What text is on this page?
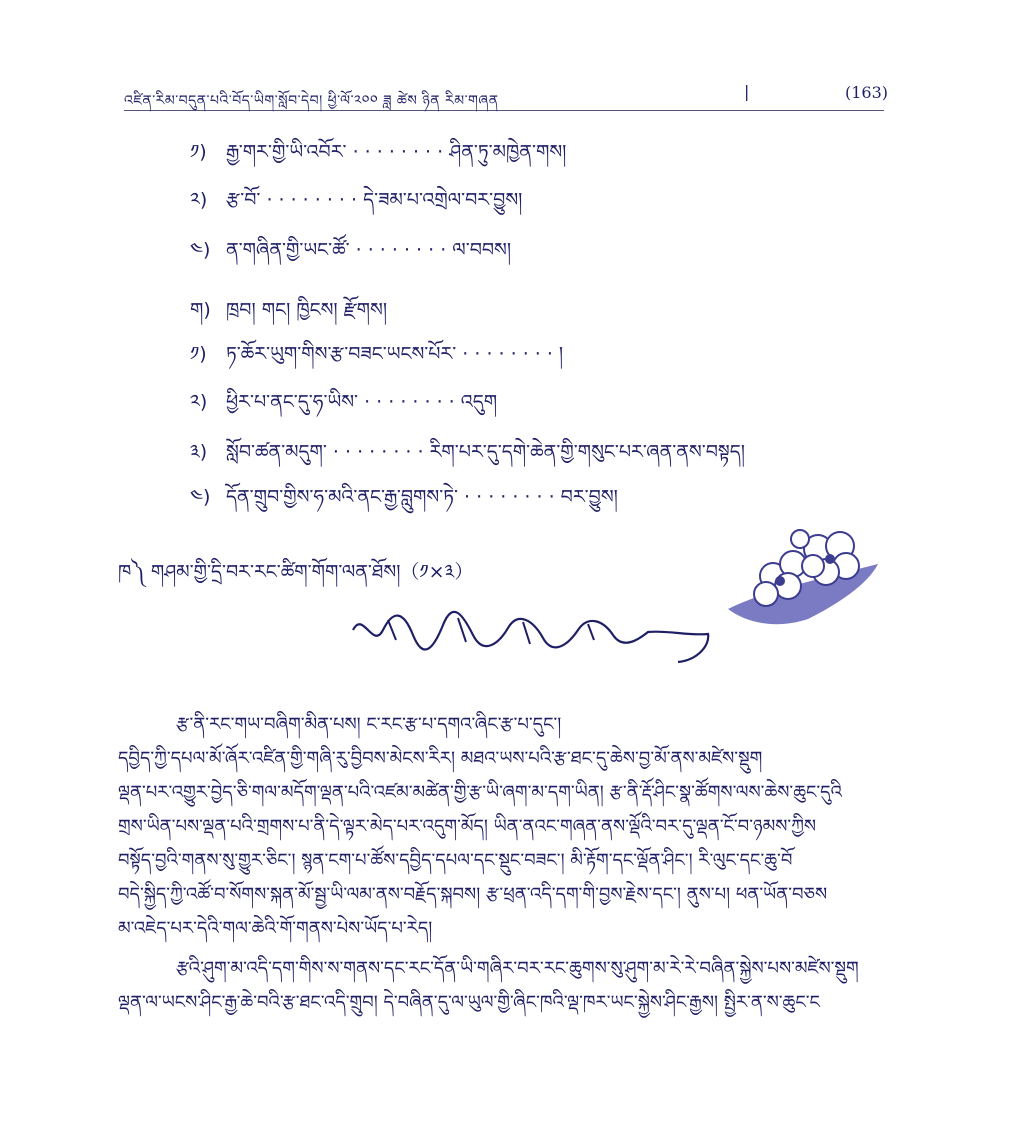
འཛིན་རིམ་བདུན་པའི་བོད་ཡིག་སློབ་དེབ། ཕྱི་ལོ་༢༠༠ ཟླ ཚེས ཉིན རིམ་གཞན	|	(163)
༡) རྒྱ་གར་གྱི་ཡི་འབོར་ · · · · · · · · ཤིན་ཏུ་མཁྱེན་གས།
༢) རྩ་བོ་ · · · · · · · · དེ་ཟམ་པ་འགྲེལ་བར་བྱུས།
༤) ན་གཞིན་གྱི་ཡང་ཚོ་ · · · · · · · · ལ་བབས།
ག) ཁྲབ། གང། ཁྱིངས། རྫོགས།
༡) ཏ་ཆོར་ཡུག་གིས་རྩ་བཟང་ཡངས་པོར་ · · · · · · · · །
༢) ཕྱིར་པ་ནང་དུ་ཧ་ཡིས་ · · · · · · · · འདུག
༣) སློབ་ཚན་མདུག་ · · · · · · · · རིག་པར་དུ་དགེ་ཆེན་གྱི་གསུང་པར་ཞན་ནས་བསྟད།
༤) དོན་གྲུབ་གྱིས་ཧ་མའི་ནང་རྒྱ་བླུགས་ཏེ་ · · · · · · · · བར་བྱུས།
ཁ༽ གཤམ་གྱི་དྲི་བར་རང་ཚིག་གོག་ལན་ཐོས།（༡×༣）
རྩ་ནི་རང་གཡ་བཞིག་མིན་པས། ང་རང་རྩ་པ་དགའ་ཞིང་རྩ་པ་དུང་།
དབྱིད་ཀྱི་དཔལ་མོ་ཞོར་འཛིན་གྱི་གཞི་རུ་བྱིབས་མེངས་རིར། མཐའ་ཡས་པའི་རྩ་ཐང་དུ་ཆེས་བྱ་མོ་ནས་མཛེས་སྡུག
ལྡན་པར་འགྱུར་བྱེད་ཅི་གལ་མདོག་ལྡན་པའི་འཛམ་མཚེན་གྱི་རྩ་ཡི་ཞག་མ་དག་ཡིན། རྩ་ནི་རྡོ་ཤིང་སྣ་ཚོགས་ལས་ཆེས་ཆུང་དུའི
གྲས་ཡིན་པས་ལྡན་པའི་གྲགས་པ་ནི་དེ་ལྟར་མེད་པར་འདུག་མོད། ཡིན་ནའང་གཞན་ནས་ལྡོའི་བར་དུ་ལྡན་ངོ་བ་ཉམས་ཀྱིས
བསྟོད་བྱའི་གནས་སུ་གྱུར་ཅིང་། སྙན་ངག་པ་ཚོས་དབྱིད་དཔལ་དང་སྡུང་བཟང་། མི་རྟོག་དང་ལྡོན་ཤིང་། རི་ལུང་དང་ཆུ་བོ
བདེ་སྐྱིད་ཀྱི་འཚོ་བ་སོགས་སྐན་མོ་སྦྱ་ཡི་ལམ་ནས་བརྗོད་སྐབས། རྩ་ཕྲན་འདི་དག་གི་བྱས་རྗེས་དང་། ནུས་པ། ཕན་ཡོན་བཅས
མ་འཇེད་པར་དེའི་གལ་ཆེའི་གོ་གནས་པེས་ཡོད་པ་རེད།
རྩའི་ཤུག་མ་འདི་དག་གིས་ས་གནས་དང་རང་དོན་ཡི་གཞིར་བར་རང་ཆུགས་སུ་ཤུག་མ་རེ་རེ་བཞིན་སྐྱེས་པས་མཛེས་སྡུག
ལྡན་ལ་ཡངས་ཤིང་རྒྱ་ཆེ་བའི་རྩ་ཐང་འདི་གྲུབ། དེ་བཞིན་དུ་ལ་ཡུལ་གྱི་ཞིང་ཁའི་ལྡ་ཁར་ཡང་སྐྱེས་ཤིང་རྒྱས། སྤྱིར་ན་ས་ཆུང་ང
